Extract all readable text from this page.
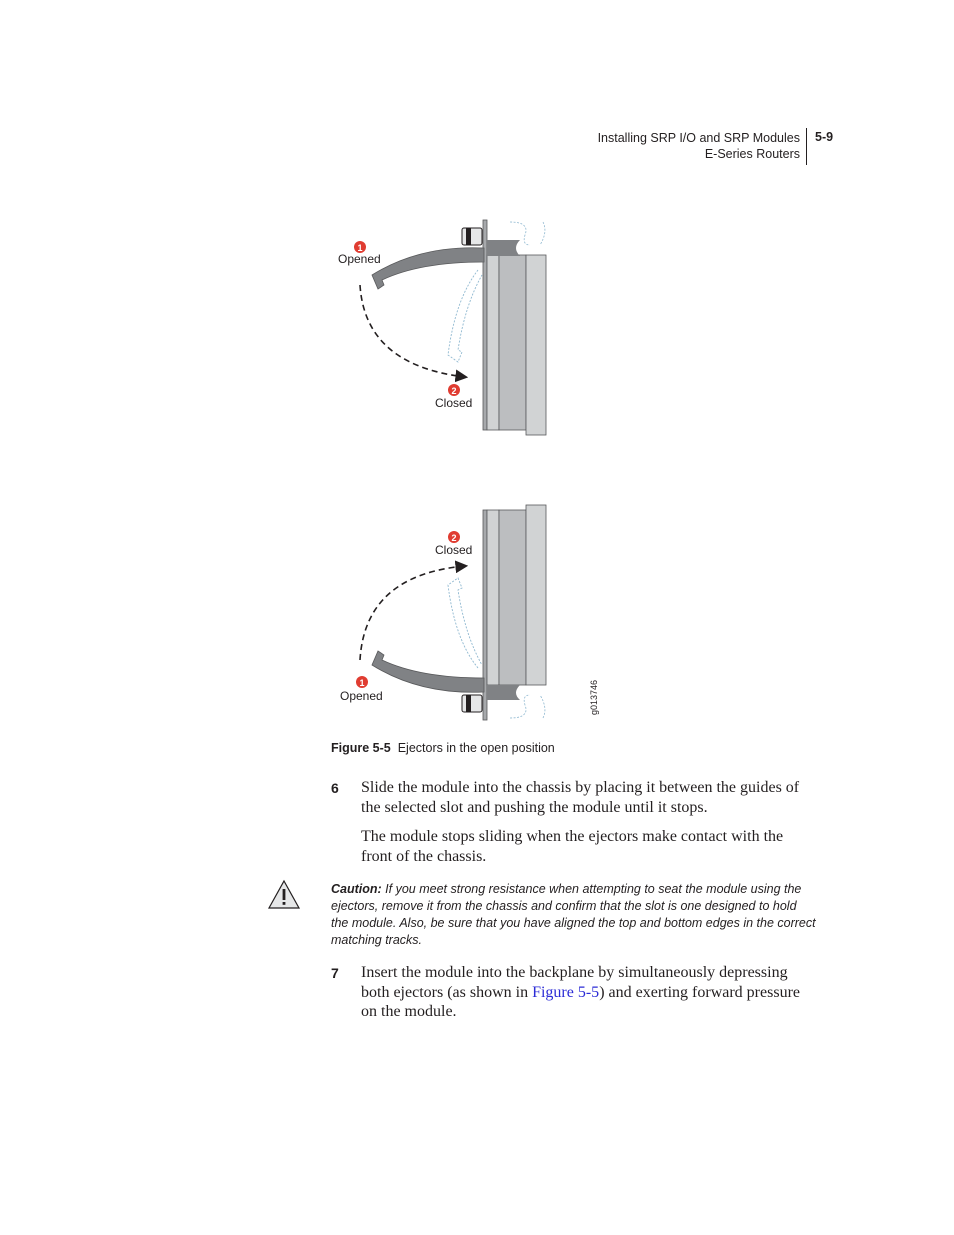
Installing SRP I/O and SRP Modules
E-Series Routers
5-9
1
Opened
2
Closed
2
Closed
1
Opened	g013746
Figure 5-5 Ejectors in the open position
6 Slide the module into the chassis by placing it between the guides of the selected slot and pushing the module until it stops.
The module stops sliding when the ejectors make contact with the front of the chassis.
Caution: If you meet strong resistance when attempting to seat the module using the ejectors, remove it from the chassis and confirm that the slot is one designed to hold the module. Also, be sure that you have aligned the top and bottom edges in the correct matching tracks.
7 Insert the module into the backplane by simultaneously depressing both ejectors (as shown in Figure 5-5) and exerting forward pressure on the module.
